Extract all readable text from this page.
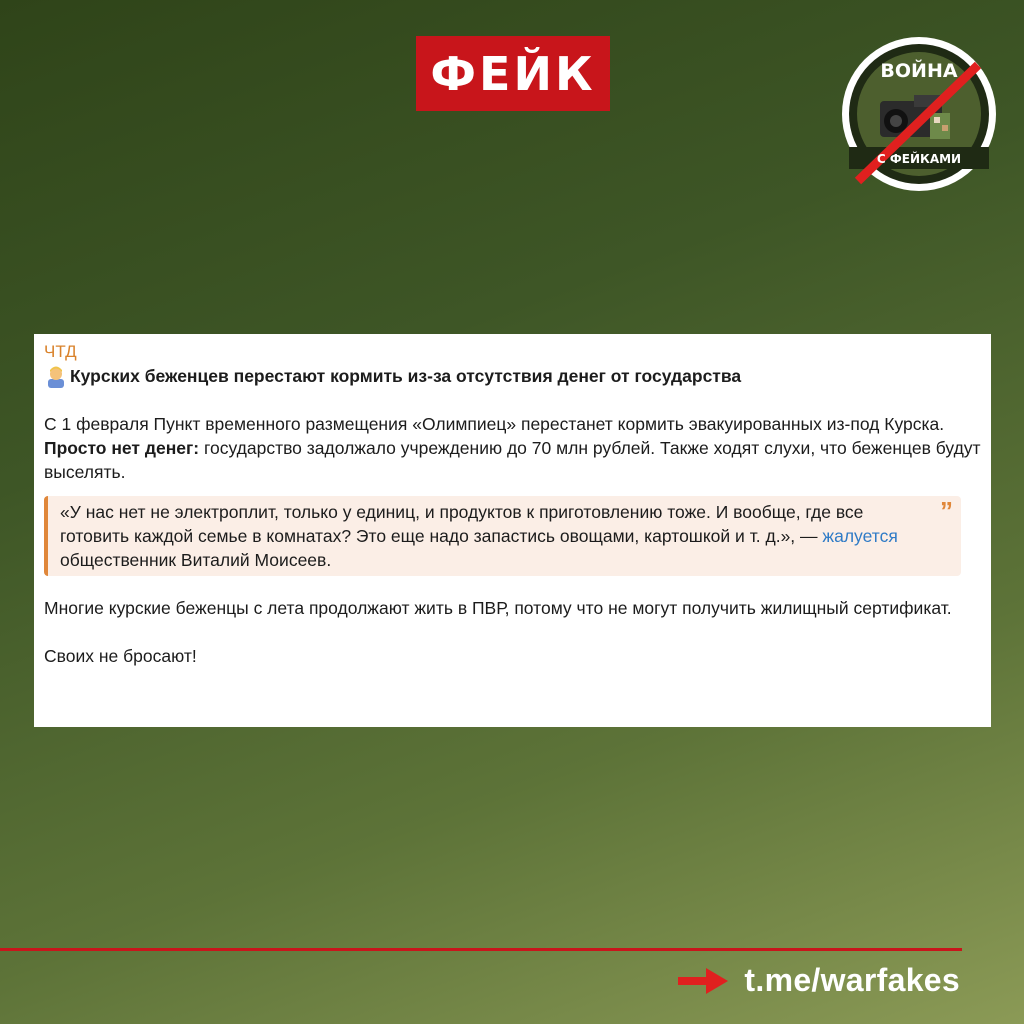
ФЕЙК	ВОЙНА
С ФЕЙКАМИ
ЧТД
Курских беженцев перестают кормить из-за отсутствия денег от государства
С 1 февраля Пункт временного размещения «Олимпиец» перестанет кормить эвакуированных из-под Курска.
Просто нет денег: государство задолжало учреждению до 70 млн рублей. Также ходят слухи, что беженцев будут выселять.
”
«У нас нет не электроплит, только у единиц, и продуктов к приготовлению тоже. И вообще, где все готовить каждой семье в комнатах? Это еще надо запастись овощами, картошкой и т. д.», — жалуется общественник Виталий Моисеев.
Многие курские беженцы с лета продолжают жить в ПВР, потому что не могут получить жилищный сертификат.
Своих не бросают!
t.me/warfakes
